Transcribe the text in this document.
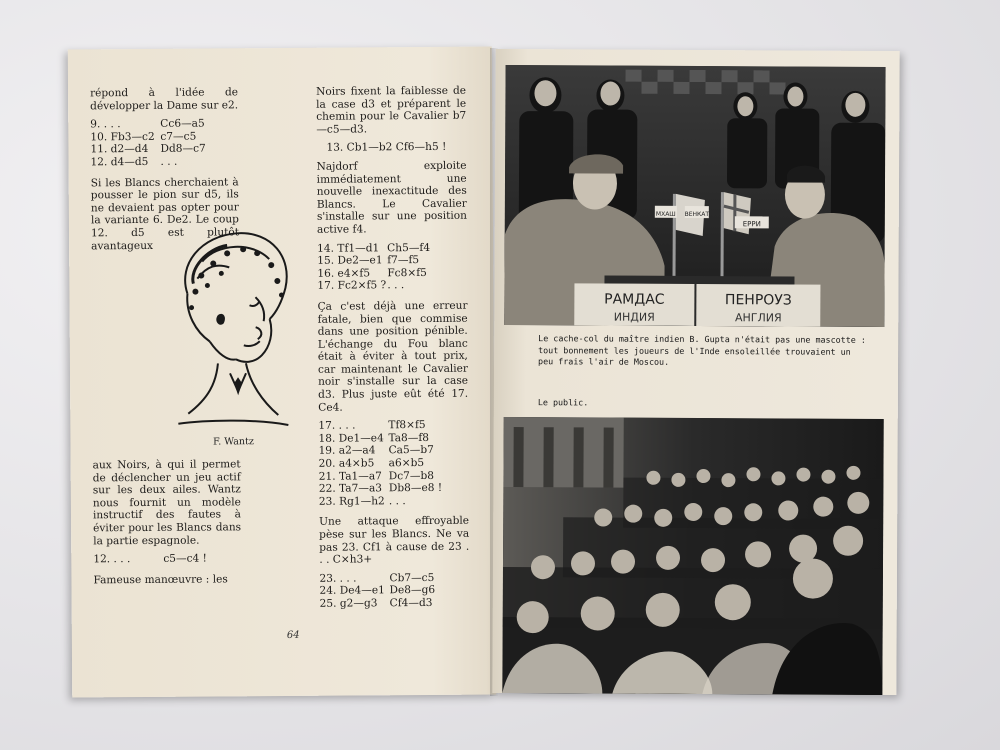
répond à l'idée de développer la Dame sur e2.

9. . . .	Cc6—a5
10. Fb3—c2 c7—c5
11. d2—d4	Dd8—c7
12. d4—d5	. . .

Si les Blancs cherchaient à pousser le pion sur d5, ils ne devaient pas opter pour la variante 6. De2. Le coup 12. d5 est plutôt avantageux

F. Wantz

aux Noirs, à qui il permet de déclencher un jeu actif sur les deux ailes. Wantz nous fournit un modèle instructif des fautes à éviter pour les Blancs dans la partie espagnole.

12. . . .	c5—c4 !

Fameuse manœuvre : les

Noirs fixent la faiblesse de la case d3 et préparent le chemin pour le Cavalier b7—c5—d3.

13. Cb1—b2 Cf6—h5 !

Najdorf exploite immédiatement une nouvelle inexactitude des Blancs. Le Cavalier s'installe sur une position active f4.

14. Tf1—d1 Ch5—f4
15. De2—e1 f7—f5
16. e4×f5	Fc8×f5
17. Fc2×f5 ? . . .

Ça c'est déjà une erreur fatale, bien que commise dans une position pénible. L'échange du Fou blanc était à éviter à tout prix, car maintenant le Cavalier noir s'installe sur la case d3. Plus juste eût été 17. Ce4.

17. . . .	Tf8×f5
18. De1—e4 Ta8—f8
19. a2—a4	Ca5—b7
20. a4×b5	a6×b5
21. Ta1—a7 Dc7—b8
22. Ta7—a3 Db8—e8 !
23. Rg1—h2 . . .

Une attaque effroyable pèse sur les Blancs. Ne va pas 23. Cf1 à cause de 23 . . . C×h3+

23. . . .	Cb7—c5
24. De4—e1 De8—g6
25. g2—g3	Cf4—d3
64
РАМДАС	ПЕНРОУЗ
ИНДИЯ	АНГЛИЯ
МХАШ ВЕНКАТ
ЕРРИ
Le cache-col du maître indien B. Gupta n'était pas une mascotte : tout bonnement les joueurs de l'Inde ensoleillée trouvaient un peu frais l'air de Moscou.
Le public.
